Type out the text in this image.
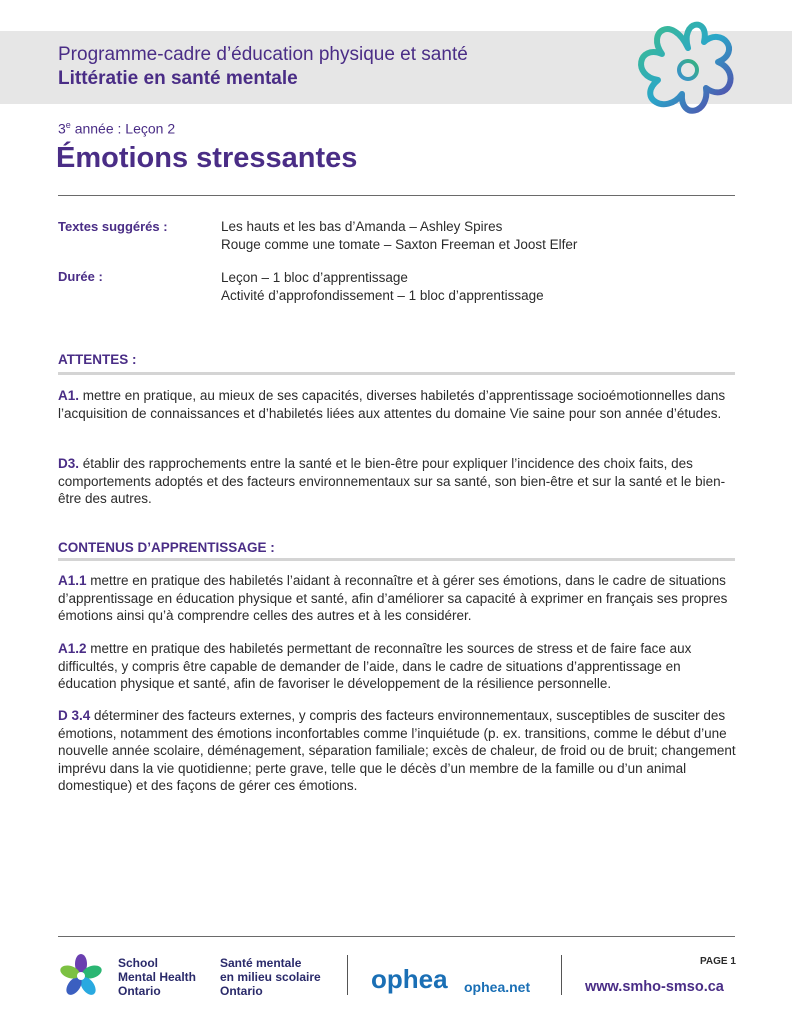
Programme-cadre d’éducation physique et santé
Littératie en santé mentale
3e année : Leçon 2
Émotions stressantes
Textes suggérés :	Les hauts et les bas d’Amanda – Ashley Spires
Rouge comme une tomate – Saxton Freeman et Joost Elfer
Durée :	Leçon – 1 bloc d’apprentissage
Activité d’approfondissement – 1 bloc d’apprentissage
ATTENTES :

A1. mettre en pratique, au mieux de ses capacités, diverses habiletés d’apprentissage socioémotionnelles dans l’acquisition de connaissances et d’habiletés liées aux attentes du domaine Vie saine pour son année d’études.

D3. établir des rapprochements entre la santé et le bien-être pour expliquer l’incidence des choix faits, des comportements adoptés et des facteurs environnementaux sur sa santé, son bien-être et sur la santé et le bien-être des autres.

CONTENUS D’APPRENTISSAGE :

A1.1 mettre en pratique des habiletés l’aidant à reconnaître et à gérer ses émotions, dans le cadre de situations d’apprentissage en éducation physique et santé, afin d’améliorer sa capacité à exprimer en français ses propres émotions ainsi qu’à comprendre celles des autres et à les considérer.

A1.2 mettre en pratique des habiletés permettant de reconnaître les sources de stress et de faire face aux difficultés, y compris être capable de demander de l’aide, dans le cadre de situations d’apprentissage en éducation physique et santé, afin de favoriser le développement de la résilience personnelle.

D 3.4 déterminer des facteurs externes, y compris des facteurs environnementaux, susceptibles de susciter des émotions, notamment des émotions inconfortables comme l’inquiétude (p. ex. transitions, comme le début d’une nouvelle année scolaire, déménagement, séparation familiale; excès de chaleur, de froid ou de bruit; changement imprévu dans la vie quotidienne; perte grave, telle que le décès d’un membre de la famille ou d’un animal domestique) et des façons de gérer ces émotions.

School
Mental Health
Ontario
Santé mentale
en milieu scolaire
Ontario	ophea ophea.net
PAGE 1
www.smho-smso.ca
